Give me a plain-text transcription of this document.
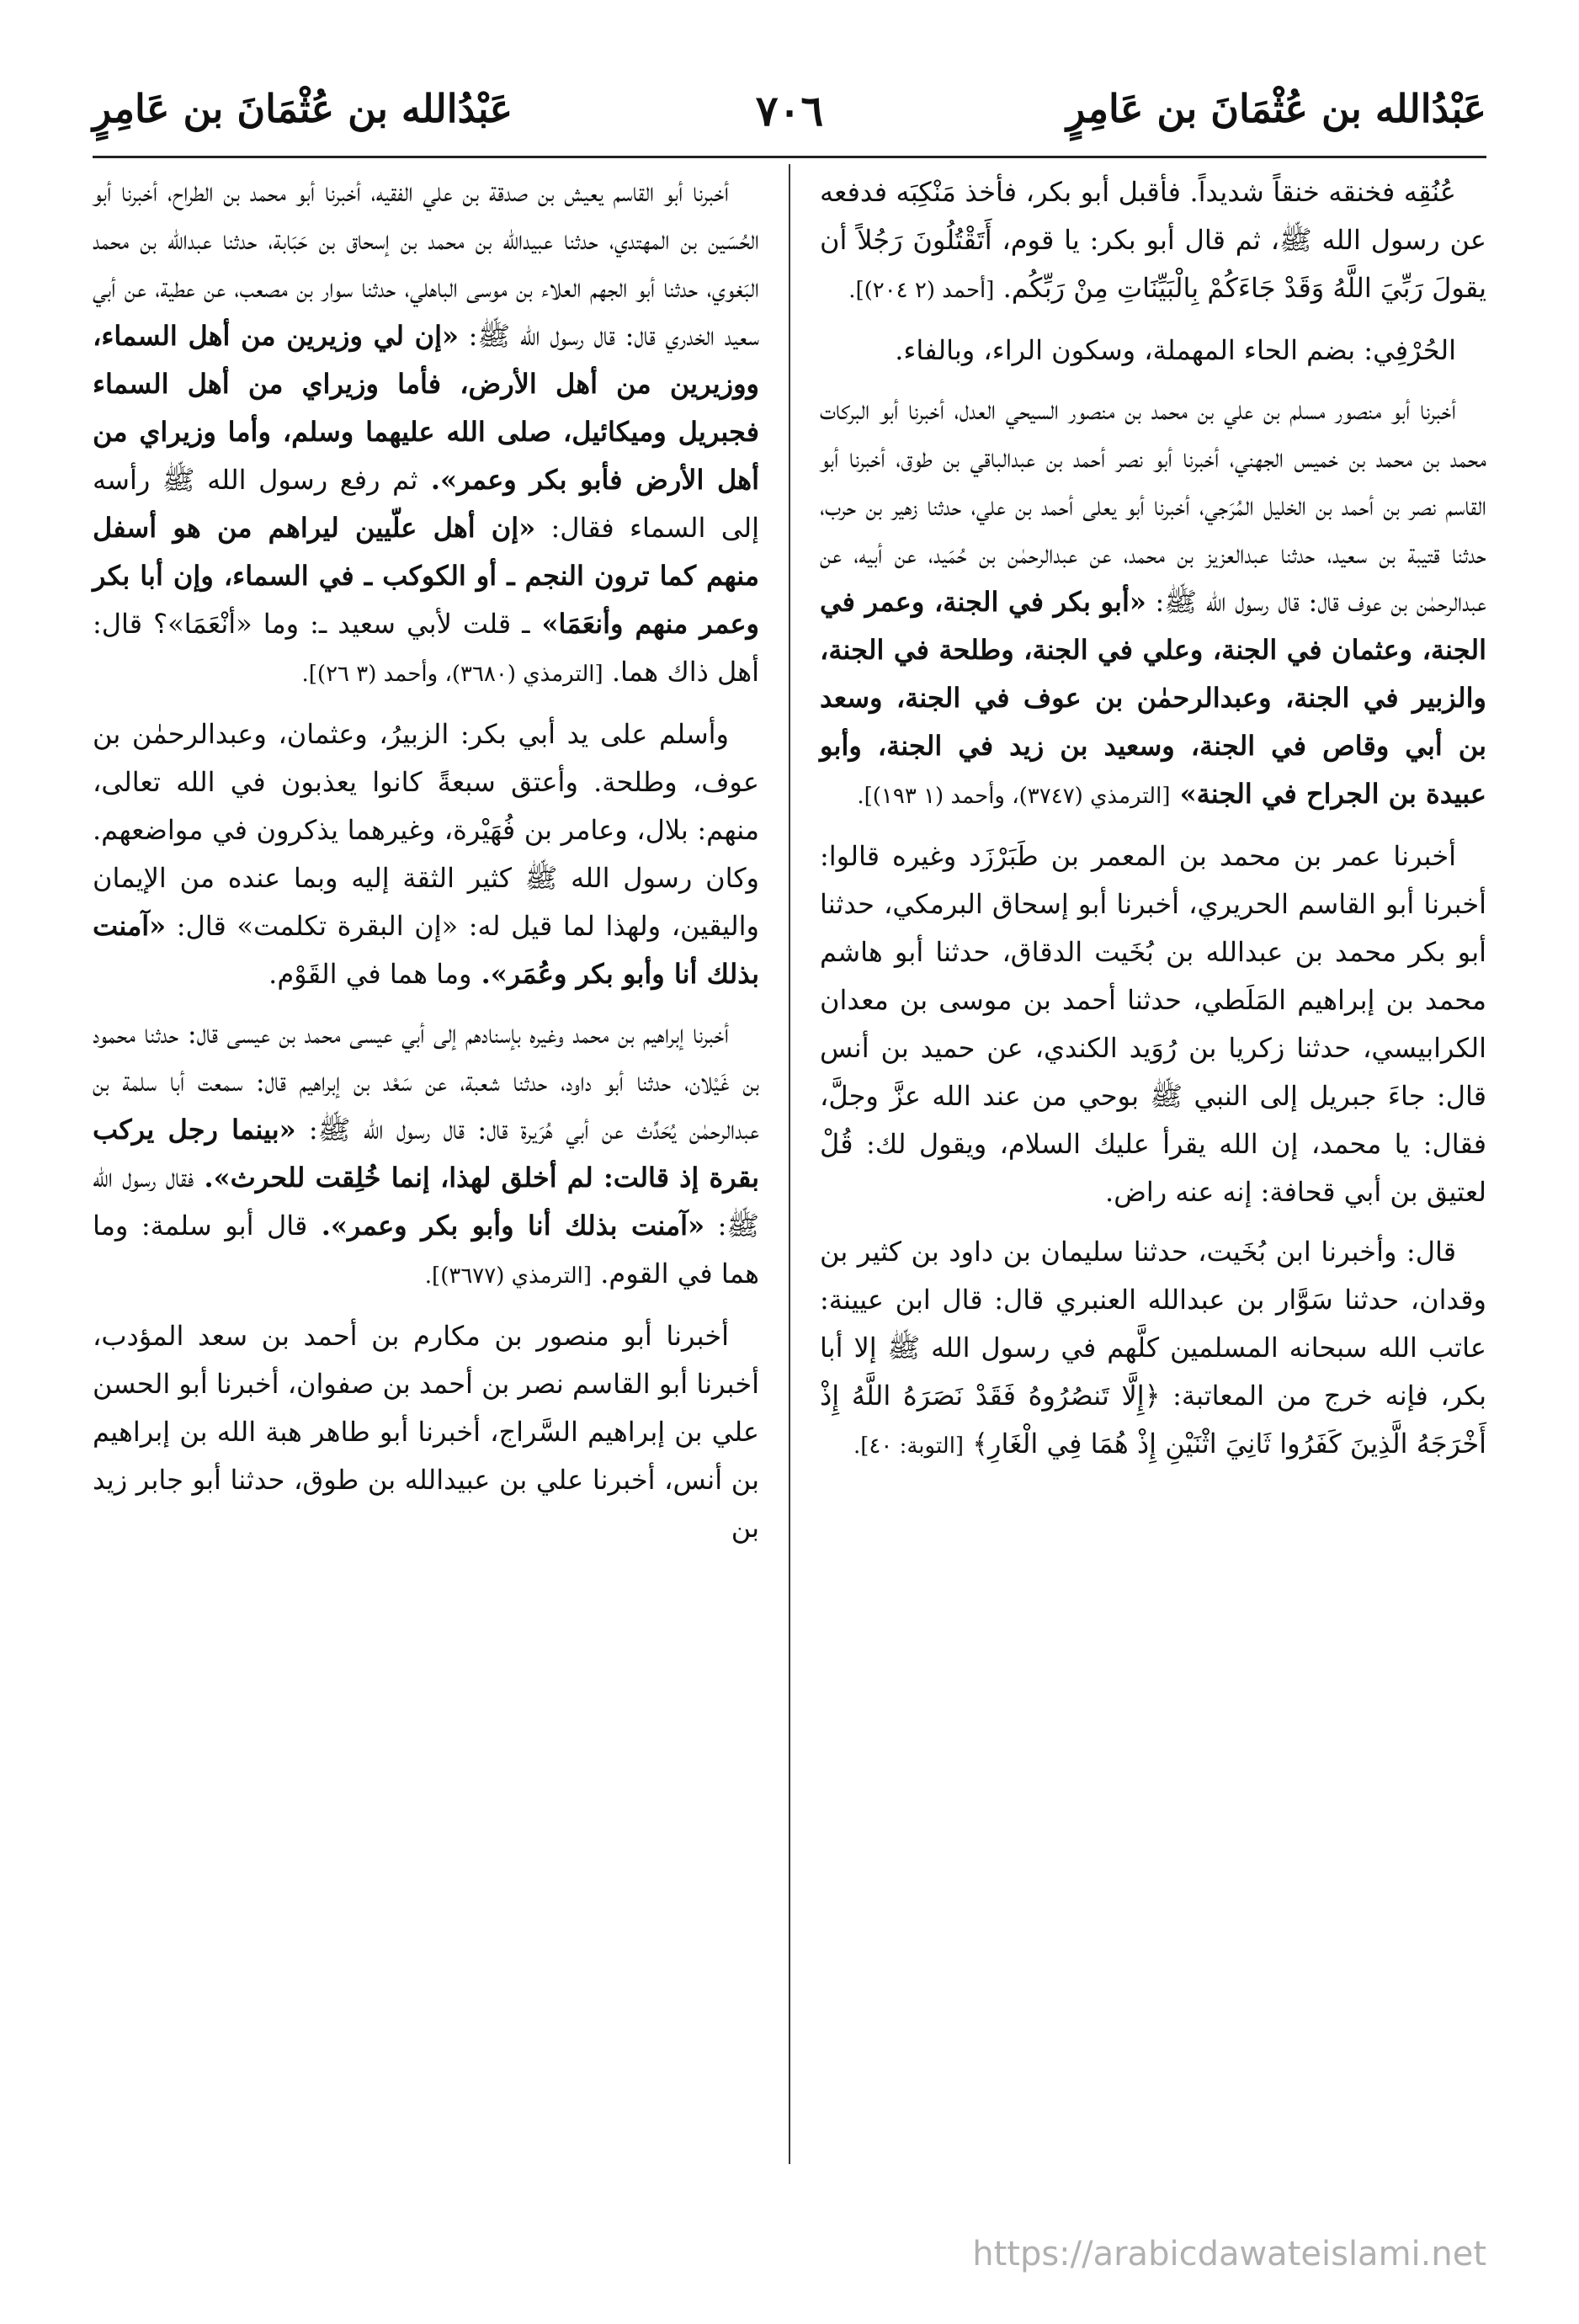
عَبْدُالله بن عُثْمَانَ بن عَامِرٍ
٧٠٦
عَبْدُالله بن عُثْمَانَ بن عَامِرٍ

عُنُقِه فخنقه خنقاً شديداً. فأقبل أبو بكر، فأخذ مَنْكِبَه فدفعه عن رسول الله ﷺ، ثم قال أبو بكر: يا قوم، أَتَقْتُلُونَ رَجُلاً أن يقولَ رَبِّيَ اللَّهُ وَقَدْ جَاءَكُمْ بِالْبَيِّنَاتِ مِنْ رَبِّكُم. [أحمد (٢ ٢٠٤)].

الحُرْفِي: بضم الحاء المهملة، وسكون الراء، وبالفاء.

أخبرنا أبو منصور مسلم بن علي بن محمد بن منصور السيحي العدل، أخبرنا أبو البركات محمد بن محمد بن خميس الجهني، أخبرنا أبو نصر أحمد بن عبدالباقي بن طوق، أخبرنا أبو القاسم نصر بن أحمد بن الخليل المُرَجي، أخبرنا أبو يعلى أحمد بن علي، حدثنا زهير بن حرب، حدثنا قتيبة بن سعيد، حدثنا عبدالعزيز بن محمد، عن عبدالرحمٰن بن حُمَيد، عن أبيه، عن عبدالرحمٰن بن عوف قال: قال رسول الله ﷺ: «أبو بكر في الجنة، وعمر في الجنة، وعثمان في الجنة، وعلي في الجنة، وطلحة في الجنة، والزبير في الجنة، وعبدالرحمٰن بن عوف في الجنة، وسعد بن أبي وقاص في الجنة، وسعيد بن زيد في الجنة، وأبو عبيدة بن الجراح في الجنة» [الترمذي (٣٧٤٧)، وأحمد (١ ١٩٣)].

أخبرنا عمر بن محمد بن المعمر بن طَبَرْزَد وغيره قالوا: أخبرنا أبو القاسم الحريري، أخبرنا أبو إسحاق البرمكي، حدثنا أبو بكر محمد بن عبدالله بن بُخَيت الدقاق، حدثنا أبو هاشم محمد بن إبراهيم المَلَطي، حدثنا أحمد بن موسى بن معدان الكرابيسي، حدثنا زكريا بن رُوَيد الكندي، عن حميد بن أنس قال: جاءَ جبريل إلى النبي ﷺ بوحي من عند الله عزَّ وجلَّ، فقال: يا محمد، إن الله يقرأ عليك السلام، ويقول لك: قُلْ لعتيق بن أبي قحافة: إنه عنه راض.

قال: وأخبرنا ابن بُخَيت، حدثنا سليمان بن داود بن كثير بن وقدان، حدثنا سَوَّار بن عبدالله العنبري قال: قال ابن عيينة: عاتب الله سبحانه المسلمين كلَّهم في رسول الله ﷺ إلا أبا بكر، فإنه خرج من المعاتبة: ﴿إِلَّا تَنصُرُوهُ فَقَدْ نَصَرَهُ اللَّهُ إِذْ أَخْرَجَهُ الَّذِينَ كَفَرُوا ثَانِيَ اثْنَيْنِ إِذْ هُمَا فِي الْغَارِ﴾ [التوبة: ٤٠].

أخبرنا أبو القاسم يعيش بن صدقة بن علي الفقيه، أخبرنا أبو محمد بن الطراح، أخبرنا أبو الحُسَين بن المهتدي، حدثنا عبيدالله بن محمد بن إسحاق بن حَبَابة، حدثنا عبدالله بن محمد البَغوي، حدثنا أبو الجهم العلاء بن موسى الباهلي، حدثنا سوار بن مصعب، عن عطية، عن أبي سعيد الخدري قال: قال رسول الله ﷺ: «إن لي وزيرين من أهل السماء، ووزيرين من أهل الأرض، فأما وزيراي من أهل السماء فجبريل وميكائيل، صلى الله عليهما وسلم، وأما وزيراي من أهل الأرض فأبو بكر وعمر». ثم رفع رسول الله ﷺ رأسه إلى السماء فقال: «إن أهل علّيين ليراهم من هو أسفل منهم كما ترون النجم ـ أو الكوكب ـ في السماء، وإن أبا بكر وعمر منهم وأنعَمَا» ـ قلت لأبي سعيد ـ: وما «أنْعَمَا»؟ قال: أهل ذاك هما. [الترمذي (٣٦٨٠)، وأحمد (٣ ٢٦)].

وأسلم على يد أبي بكر: الزبيرُ، وعثمان، وعبدالرحمٰن بن عوف، وطلحة. وأعتق سبعةً كانوا يعذبون في الله تعالى، منهم: بلال، وعامر بن فُهَيْرة، وغيرهما يذكرون في مواضعهم. وكان رسول الله ﷺ كثير الثقة إليه وبما عنده من الإيمان واليقين، ولهذا لما قيل له: «إن البقرة تكلمت» قال: «آمنت بذلك أنا وأبو بكر وعُمَر». وما هما في القَوْم.

أخبرنا إبراهيم بن محمد وغيره بإسنادهم إلى أبي عيسى محمد بن عيسى قال: حدثنا محمود بن غَيْلان، حدثنا أبو داود، حدثنا شعبة، عن سَعْد بن إبراهيم قال: سمعت أبا سلمة بن عبدالرحمٰن يُحَدِّث عن أبي هُرَيرة قال: قال رسول الله ﷺ: «بينما رجل يركب بقرة إذ قالت: لم أخلق لهذا، إنما خُلِقت للحرث». فقال رسول الله ﷺ: «آمنت بذلك أنا وأبو بكر وعمر». قال أبو سلمة: وما هما في القوم. [الترمذي (٣٦٧٧)].

أخبرنا أبو منصور بن مكارم بن أحمد بن سعد المؤدب، أخبرنا أبو القاسم نصر بن أحمد بن صفوان، أخبرنا أبو الحسن علي بن إبراهيم السَّراج، أخبرنا أبو طاهر هبة الله بن إبراهيم بن أنس، أخبرنا علي بن عبيدالله بن طوق، حدثنا أبو جابر زيد بن

https://arabicdawateislami.net
